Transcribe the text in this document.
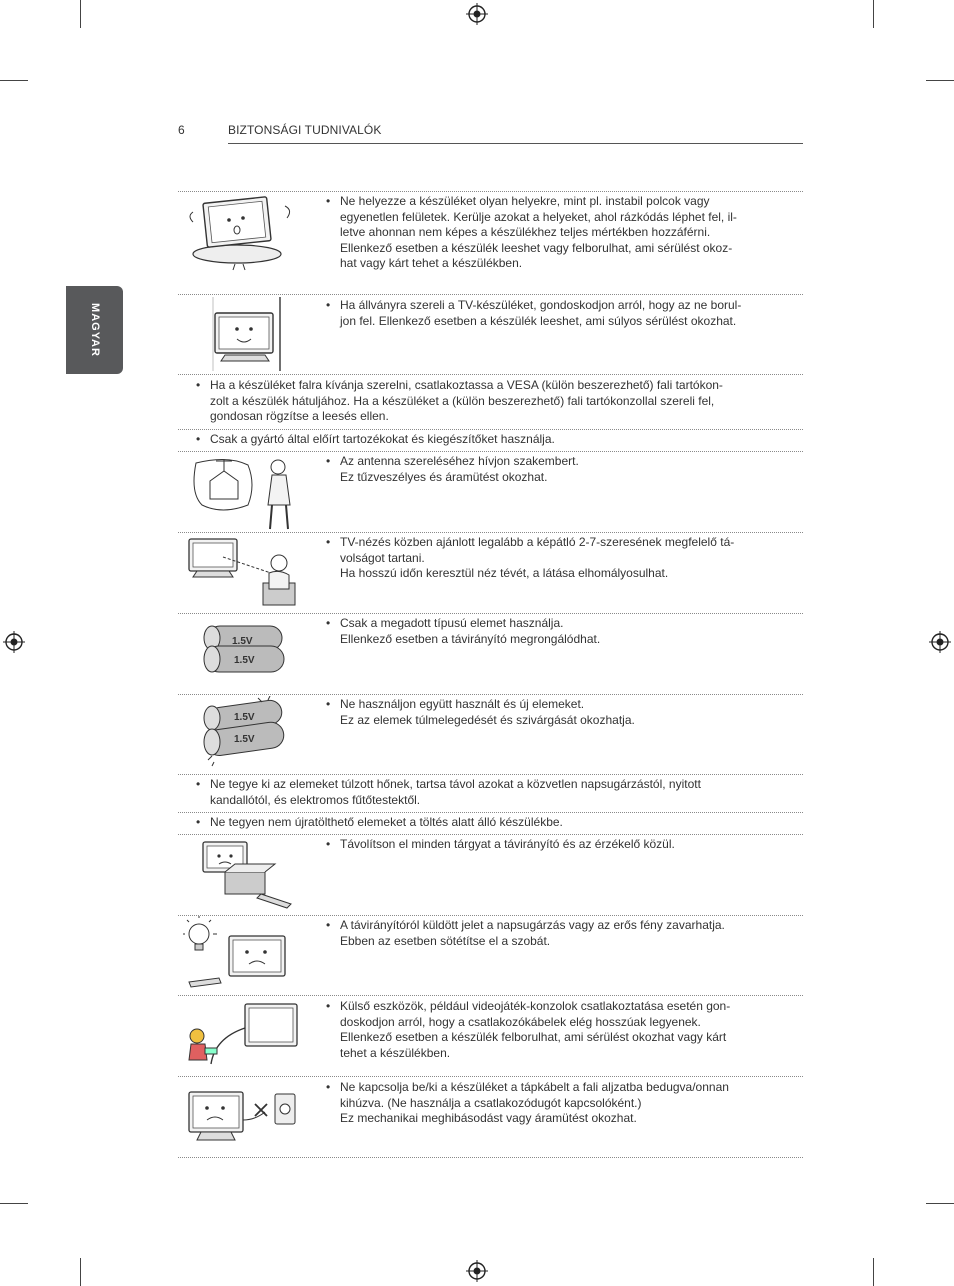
6	BIZTONSÁGI TUDNIVALÓK
MAGYAR
• Ne helyezze a készüléket olyan helyekre, mint pl. instabil polcok vagy
egyenetlen felületek. Kerülje azokat a helyeket, ahol rázkódás léphet fel, il-
letve ahonnan nem képes a készülékhez teljes mértékben hozzáférni.
Ellenkező esetben a készülék leeshet vagy felborulhat, ami sérülést okoz-
hat vagy kárt tehet a készülékben.
• Ha állványra szereli a TV-készüléket, gondoskodjon arról, hogy az ne borul-
jon fel. Ellenkező esetben a készülék leeshet, ami súlyos sérülést okozhat.
• Ha a készüléket falra kívánja szerelni, csatlakoztassa a VESA (külön beszerezhető) fali tartókon-
zolt a készülék hátuljához. Ha a készüléket a (külön beszerezhető) fali tartókonzollal szereli fel,
gondosan rögzítse a leesés ellen.
• Csak a gyártó által előírt tartozékokat és kiegészítőket használja.
• Az antenna szereléséhez hívjon szakembert.
Ez tűzveszélyes és áramütést okozhat.
• TV-nézés közben ajánlott legalább a képátló 2-7-szeresének megfelelő tá-
volságot tartani.
Ha hosszú időn keresztül néz tévét, a látása elhomályosulhat.
• Csak a megadott típusú elemet használja.
Ellenkező esetben a távirányító megrongálódhat.
• Ne használjon együtt használt és új elemeket.
Ez az elemek túlmelegedését és szivárgását okozhatja.
• Ne tegye ki az elemeket túlzott hőnek, tartsa távol azokat a közvetlen napsugárzástól, nyitott
kandallótól, és elektromos fűtőtestektől.
• Ne tegyen nem újratölthető elemeket a töltés alatt álló készülékbe.
• Távolítson el minden tárgyat a távirányító és az érzékelő közül.
• A távirányítóról küldött jelet a napsugárzás vagy az erős fény zavarhatja.
Ebben az esetben sötétítse el a szobát.
• Külső eszközök, például videojáték-konzolok csatlakoztatása esetén gon-
doskodjon arról, hogy a csatlakozókábelek elég hosszúak legyenek.
Ellenkező esetben a készülék felborulhat, ami sérülést okozhat vagy kárt
tehet a készülékben.
• Ne kapcsolja be/ki a készüléket a tápkábelt a fali aljzatba bedugva/onnan
kihúzva. (Ne használja a csatlakozódugót kapcsolóként.)
Ez mechanikai meghibásodást vagy áramütést okozhat.
1.5V
1.5V
1.5V
1.5V
